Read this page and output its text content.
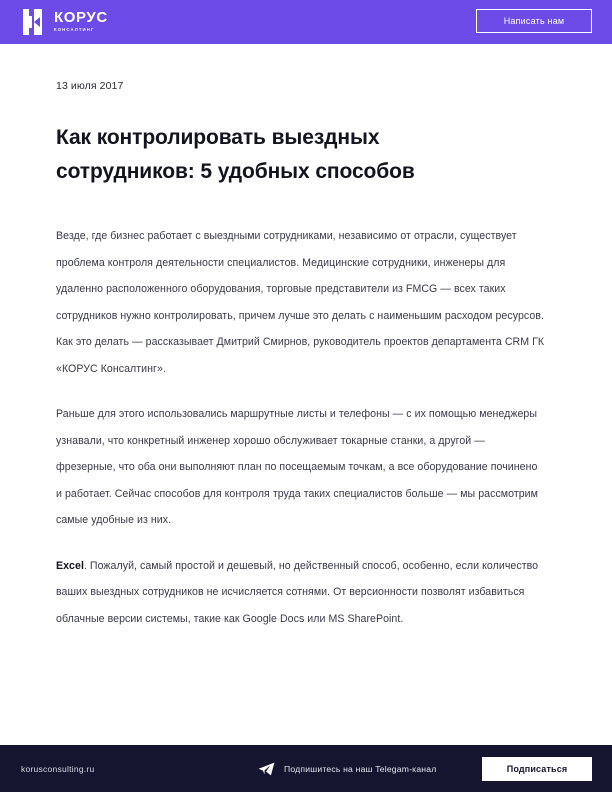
КОРУС
КОНСАЛТИНГ
Написать нам
13 июля 2017
Как контролировать выездных сотрудников: 5 удобных способов

Везде, где бизнес работает с выездными сотрудниками, независимо от отрасли, существует проблема контроля деятельности специалистов. Медицинские сотрудники, инженеры для удаленно расположенного оборудования, торговые представители из FMCG — всех таких сотрудников нужно контролировать, причем лучше это делать с наименьшим расходом ресурсов. Как это делать — рассказывает Дмитрий Смирнов, руководитель проектов департамента CRM ГК «КОРУС Консалтинг».

Раньше для этого использовались маршрутные листы и телефоны — с их помощью менеджеры узнавали, что конкретный инженер хорошо обслуживает токарные станки, а другой — фрезерные, что оба они выполняют план по посещаемым точкам, а все оборудование починено и работает. Сейчас способов для контроля труда таких специалистов больше — мы рассмотрим самые удобные из них.

Excel. Пожалуй, самый простой и дешевый, но действенный способ, особенно, если количество ваших выездных сотрудников не исчисляется сотнями. От версионности позволят избавиться облачные версии системы, такие как Google Docs или MS SharePoint.

korusconsulting.ru	Подпишитесь на наш Telegam-канал	Подписаться
